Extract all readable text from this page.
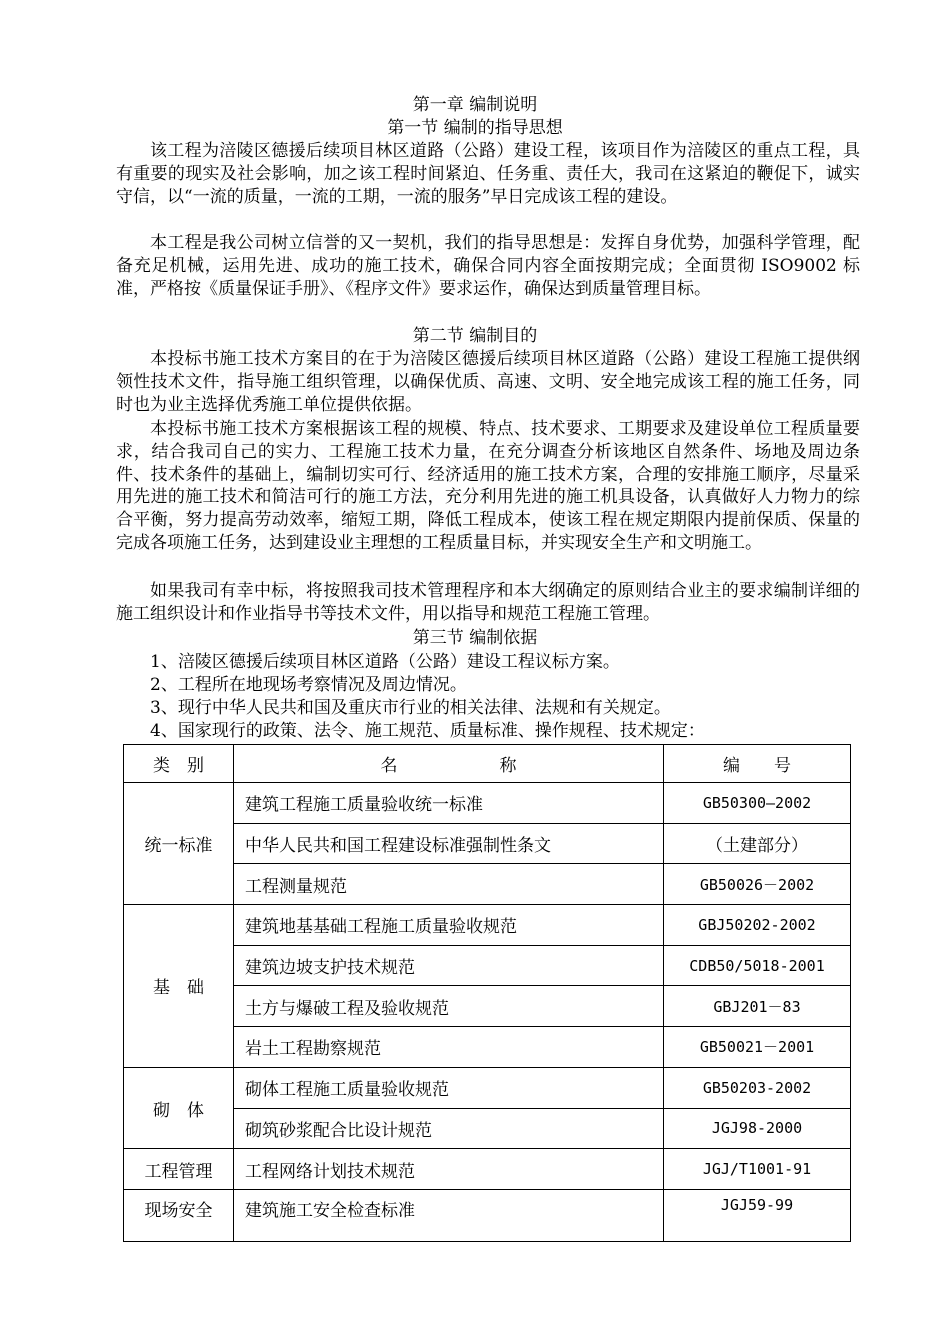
第一章 编制说明
第一节 编制的指导思想

该工程为涪陵区德援后续项目林区道路（公路）建设工程，该项目作为涪陵区的重点工程，具有重要的现实及社会影响，加之该工程时间紧迫、任务重、责任大，我司在这紧迫的鞭促下，诚实守信，以“一流的质量，一流的工期，一流的服务”早日完成该工程的建设。

本工程是我公司树立信誉的又一契机，我们的指导思想是：发挥自身优势，加强科学管理，配备充足机械，运用先进、成功的施工技术，确保合同内容全面按期完成；全面贯彻 ISO9002 标准，严格按《质量保证手册》、《程序文件》要求运作，确保达到质量管理目标。

第二节 编制目的

本投标书施工技术方案目的在于为涪陵区德援后续项目林区道路（公路）建设工程施工提供纲领性技术文件，指导施工组织管理，以确保优质、高速、文明、安全地完成该工程的施工任务，同时也为业主选择优秀施工单位提供依据。

本投标书施工技术方案根据该工程的规模、特点、技术要求、工期要求及建设单位工程质量要求，结合我司自己的实力、工程施工技术力量，在充分调查分析该地区自然条件、场地及周边条件、技术条件的基础上，编制切实可行、经济适用的施工技术方案，合理的安排施工顺序，尽量采用先进的施工技术和简洁可行的施工方法，充分利用先进的施工机具设备，认真做好人力物力的综合平衡，努力提高劳动效率，缩短工期，降低工程成本，使该工程在规定期限内提前保质、保量的完成各项施工任务，达到建设业主理想的工程质量目标，并实现安全生产和文明施工。

如果我司有幸中标，将按照我司技术管理程序和本大纲确定的原则结合业主的要求编制详细的施工组织设计和作业指导书等技术文件，用以指导和规范工程施工管理。

第三节 编制依据
1、涪陵区德援后续项目林区道路（公路）建设工程议标方案。
2、工程所在地现场考察情况及周边情况。
3、现行中华人民共和国及重庆市行业的相关法律、法规和有关规定。
4、国家现行的政策、法令、施工规范、质量标准、操作规程、技术规定：
类　别	名　　　　　　称	编　　号
统一标准	建筑工程施工质量验收统一标准	GB50300—2002
	中华人民共和国工程建设标准强制性条文	（土建部分）
	工程测量规范	GB50026－2002
基　础	建筑地基基础工程施工质量验收规范	GBJ50202-2002
	建筑边坡支护技术规范	CDB50/5018-2001
	土方与爆破工程及验收规范	GBJ201－83
	岩土工程勘察规范	GB50021－2001
砌　体	砌体工程施工质量验收规范	GB50203-2002
	砌筑砂浆配合比设计规范	JGJ98-2000
工程管理	工程网络计划技术规范	JGJ/T1001-91
现场安全	建筑施工安全检查标准	JGJ59-99
